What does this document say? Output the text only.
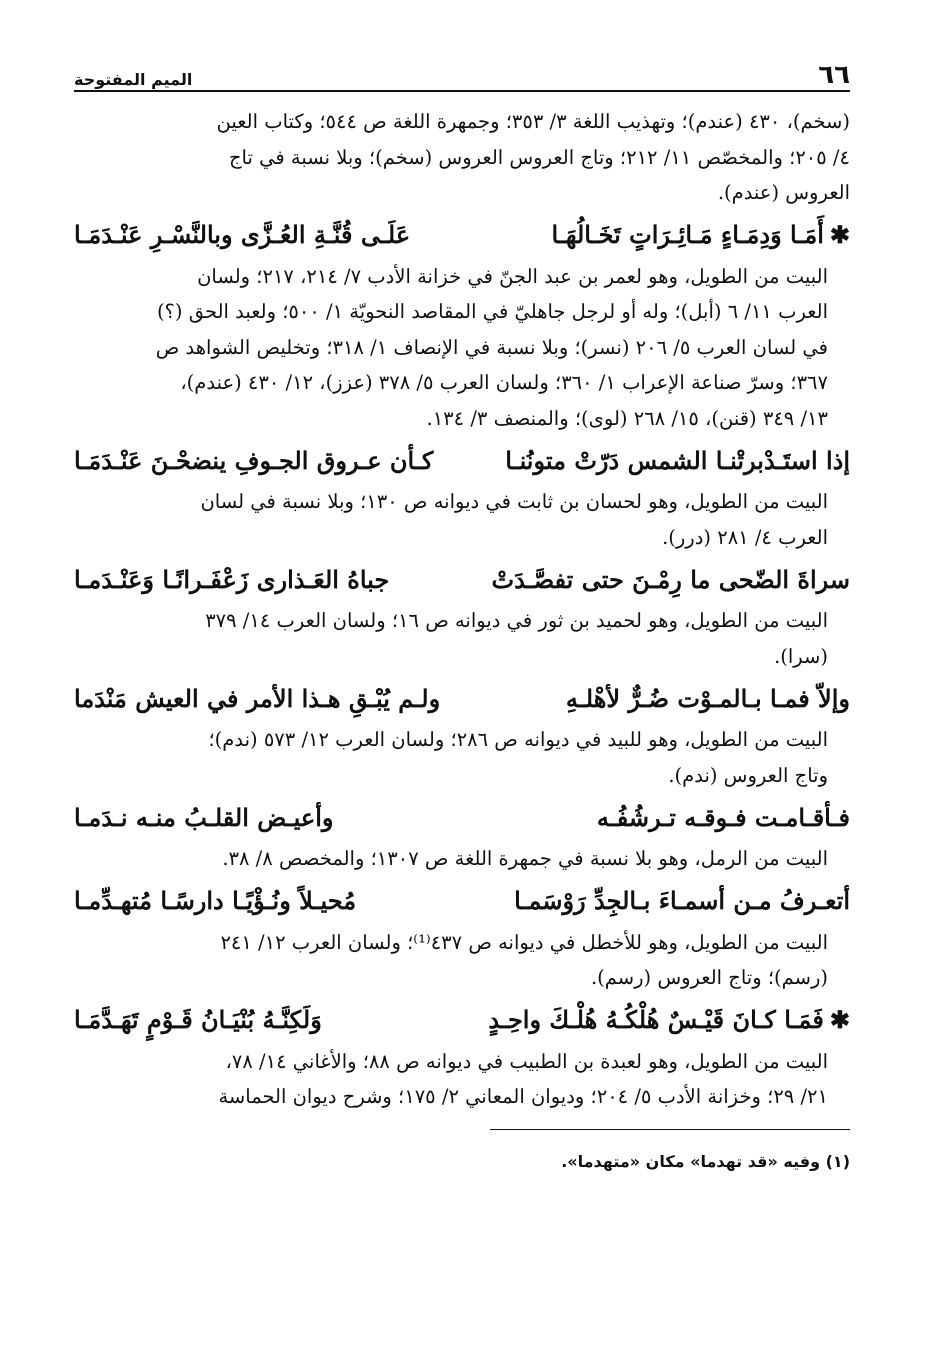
٦٦
الميم المفتوحة
(سخم)، ٤٣٠ (عندم)؛ وتهذيب اللغة ٣/ ٣٥٣؛ وجمهرة اللغة ص ٥٤٤؛ وكتاب العين
٤/ ٢٠٥؛ والمخصّص ١١/ ٢١٢؛ وتاج العروس العروس (سخم)؛ وبلا نسبة في تاج
العروس (عندم).
✱أَمَـا وَدِمَـاءٍ مَـائِـرَاتٍ تَخَـالُهَـا
عَلَـى قُنَّـةِ العُـزَّى وبالنَّسْـرِ عَنْـدَمَـا
البيت من الطويل، وهو لعمر بن عبد الجنّ في خزانة الأدب ٧/ ٢١٤، ٢١٧؛ ولسان
العرب ١١/ ٦ (أبل)؛ وله أو لرجل جاهليّ في المقاصد النحويّة ١/ ٥٠٠؛ ولعبد الحق (؟)
في لسان العرب ٥/ ٢٠٦ (نسر)؛ وبلا نسبة في الإنصاف ١/ ٣١٨؛ وتخليص الشواهد ص
٣٦٧؛ وسرّ صناعة الإعراب ١/ ٣٦٠؛ ولسان العرب ٥/ ٣٧٨ (عزز)، ١٢/ ٤٣٠ (عندم)،
١٣/ ٣٤٩ (قنن)، ١٥/ ٢٦٨ (لوى)؛ والمنصف ٣/ ١٣٤.
إذا استَـدْبرتْنـا الشمس دَرّتْ متونُنـا
كـأن عـروق الجـوفِ ينضحْـنَ عَنْـدَمَـا
البيت من الطويل، وهو لحسان بن ثابت في ديوانه ص ١٣٠؛ وبلا نسبة في لسان
العرب ٤/ ٢٨١ (درر).
سراةَ الضّحى ما رِمْـنَ حتى تفصَّـدَتْ
جباهُ العَـذارى زَعْفَـرانًـا وَعَنْـدَمـا
البيت من الطويل، وهو لحميد بن ثور في ديوانه ص ١٦؛ ولسان العرب ١٤/ ٣٧٩
(سرا).
وإلاّ فمـا بـالمـوْت ضُـرٌّ لأهْلـهِ
ولـم يُبْـقِ هـذا الأمر في العيش مَنْدَما
البيت من الطويل، وهو للبيد في ديوانه ص ٢٨٦؛ ولسان العرب ١٢/ ٥٧٣ (ندم)؛
وتاج العروس (ندم).
فـأقـامـت فـوقـه تـرشُفُـه
وأعيـض القلـبُ منـه نـدَمـا
البيت من الرمل، وهو بلا نسبة في جمهرة اللغة ص ١٣٠٧؛ والمخصص ٨/ ٣٨.
أتعـرفُ مـن أسمـاءَ بـالجِدِّ رَوْسَمـا
مُحيـلاً ونُـؤْيًـا دارسًـا مُتهـدِّمـا
البيت من الطويل، وهو للأخطل في ديوانه ص ٤٣٧⁽¹⁾؛ ولسان العرب ١٢/ ٢٤١
(رسم)؛ وتاج العروس (رسم).
✱فَمَـا كـانَ قَيْـسٌ هُلْكُـهُ هُلْـكَ واحِـدٍ
وَلَكِنَّـهُ بُنْيَـانُ قَـوْمٍ تَهَـدَّمَـا
البيت من الطويل، وهو لعبدة بن الطبيب في ديوانه ص ٨٨؛ والأغاني ١٤/ ٧٨،
٢١/ ٢٩؛ وخزانة الأدب ٥/ ٢٠٤؛ وديوان المعاني ٢/ ١٧٥؛ وشرح ديوان الحماسة
(١) وفيه «قد تهدما» مكان «متهدما».
